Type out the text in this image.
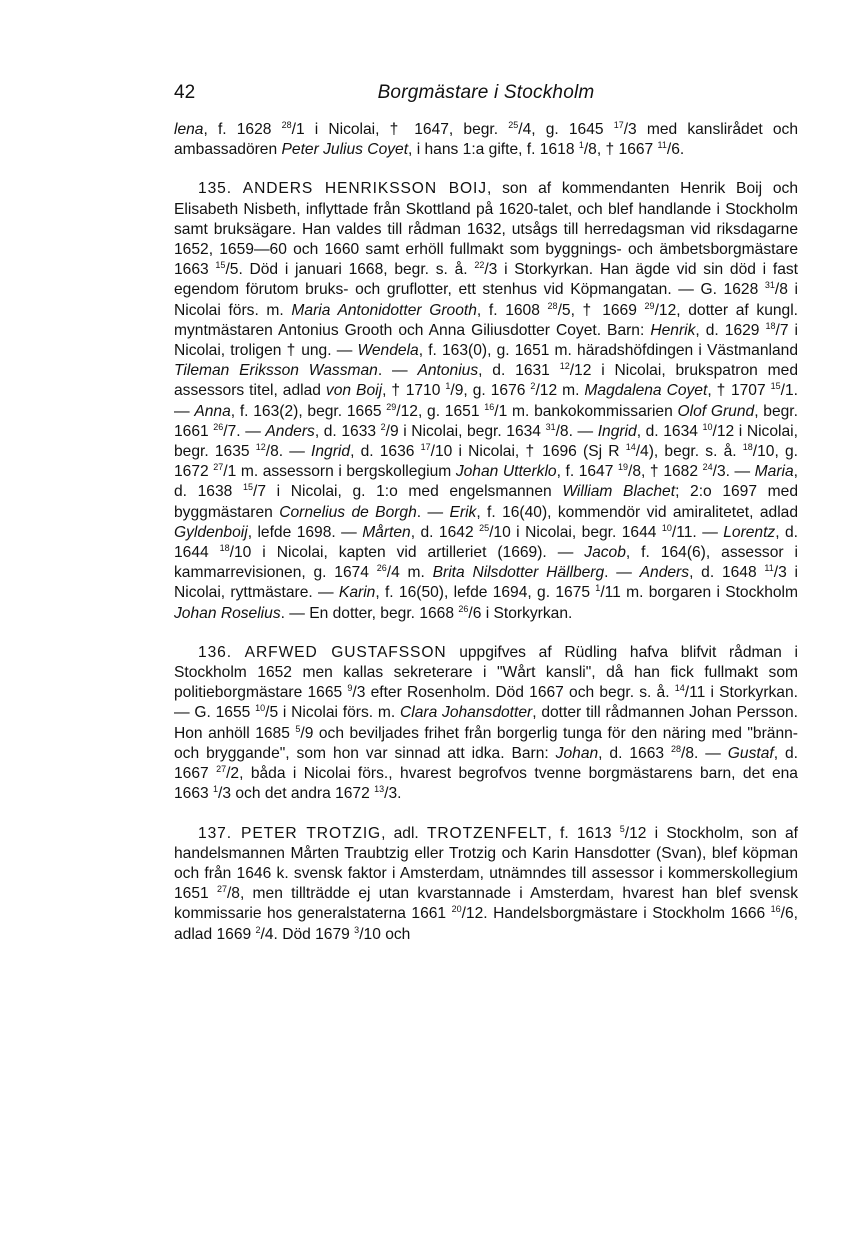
42	Borgmästare i Stockholm

lena, f. 1628 $^{28}$/1 i Nicolai, † 1647, begr. $^{25}$/4, g. 1645 $^{17}$/3 med kanslirådet och ambassadören Peter Julius Coyet, i hans 1:a gifte, f. 1618 $^1$/8, † 1667 $^{11}$/6.

135. ANDERS HENRIKSSON BOIJ, son af kommendanten Henrik Boij och Elisabeth Nisbeth, inflyttade från Skottland på 1620-talet, och blef handlande i Stockholm samt bruksägare. Han valdes till rådman 1632, utsågs till herredagsman vid riksdagarne 1652, 1659—60 och 1660 samt erhöll fullmakt som byggnings- och ämbetsborgmästare 1663 $^{15}$/5. Död i januari 1668, begr. s. å. $^{22}$/3 i Storkyrkan. Han ägde vid sin död i fast egendom förutom bruks- och gruflotter, ett stenhus vid Köpmangatan. — G. 1628 $^{31}$/8 i Nicolai förs. m. Maria Antonidotter Grooth, f. 1608 $^{28}$/5, † 1669 $^{29}$/12, dotter af kungl. myntmästaren Antonius Grooth och Anna Giliusdotter Coyet. Barn: Henrik, d. 1629 $^{18}$/7 i Nicolai, troligen † ung. — Wendela, f. 163(0), g. 1651 m. häradshöfdingen i Västmanland Tileman Eriksson Wassman. — Antonius, d. 1631 $^{12}$/12 i Nicolai, brukspatron med assessors titel, adlad von Boij, † 1710 $^1$/9, g. 1676 $^2$/12 m. Magdalena Coyet, † 1707 $^{15}$/1. — Anna, f. 163(2), begr. 1665 $^{29}$/12, g. 1651 $^{16}$/1 m. bankokommissarien Olof Grund, begr. 1661 $^{26}$/7. — Anders, d. 1633 $^2$/9 i Nicolai, begr. 1634 $^{31}$/8. — Ingrid, d. 1634 $^{10}$/12 i Nicolai, begr. 1635 $^{12}$/8. — Ingrid, d. 1636 $^{17}$/10 i Nicolai, † 1696 (Sj R $^{14}$/4), begr. s. å. $^{18}$/10, g. 1672 $^{27}$/1 m. assessorn i bergskollegium Johan Utterklo, f. 1647 $^{19}$/8, † 1682 $^{24}$/3. — Maria, d. 1638 $^{15}$/7 i Nicolai, g. 1:o med engelsmannen William Blachet; 2:o 1697 med byggmästaren Cornelius de Borgh. — Erik, f. 16(40), kommendör vid amiralitetet, adlad Gyldenboij, lefde 1698. — Mårten, d. 1642 $^{25}$/10 i Nicolai, begr. 1644 $^{10}$/11. — Lorentz, d. 1644 $^{18}$/10 i Nicolai, kapten vid artilleriet (1669). — Jacob, f. 164(6), assessor i kammarrevisionen, g. 1674 $^{26}$/4 m. Brita Nilsdotter Hällberg. — Anders, d. 1648 $^{11}$/3 i Nicolai, ryttmästare. — Karin, f. 16(50), lefde 1694, g. 1675 $^1$/11 m. borgaren i Stockholm Johan Roselius. — En dotter, begr. 1668 $^{26}$/6 i Storkyrkan.

136. ARFWED GUSTAFSSON uppgifves af Rüdling hafva blifvit rådman i Stockholm 1652 men kallas sekreterare i "Wårt kansli", då han fick fullmakt som politieborgmästare 1665 $^9$/3 efter Rosenholm. Död 1667 och begr. s. å. $^{14}$/11 i Storkyrkan. — G. 1655 $^{10}$/5 i Nicolai förs. m. Clara Johansdotter, dotter till rådmannen Johan Persson. Hon anhöll 1685 $^5$/9 och beviljades frihet från borgerlig tunga för den näring med "bränn- och bryggande", som hon var sinnad att idka. Barn: Johan, d. 1663 $^{28}$/8. — Gustaf, d. 1667 $^{27}$/2, båda i Nicolai förs., hvarest begrofvos tvenne borgmästarens barn, det ena 1663 $^1$/3 och det andra 1672 $^{13}$/3.

137. PETER TROTZIG, adl. TROTZENFELT, f. 1613 $^5$/12 i Stockholm, son af handelsmannen Mårten Traubtzig eller Trotzig och Karin Hansdotter (Svan), blef köpman och från 1646 k. svensk faktor i Amsterdam, utnämndes till assessor i kommerskollegium 1651 $^{27}$/8, men tillträdde ej utan kvarstannade i Amsterdam, hvarest han blef svensk kommissarie hos generalstaterna 1661 $^{20}$/12. Handelsborgmästare i Stockholm 1666 $^{16}$/6, adlad 1669 $^2$/4. Död 1679 $^3$/10 och
